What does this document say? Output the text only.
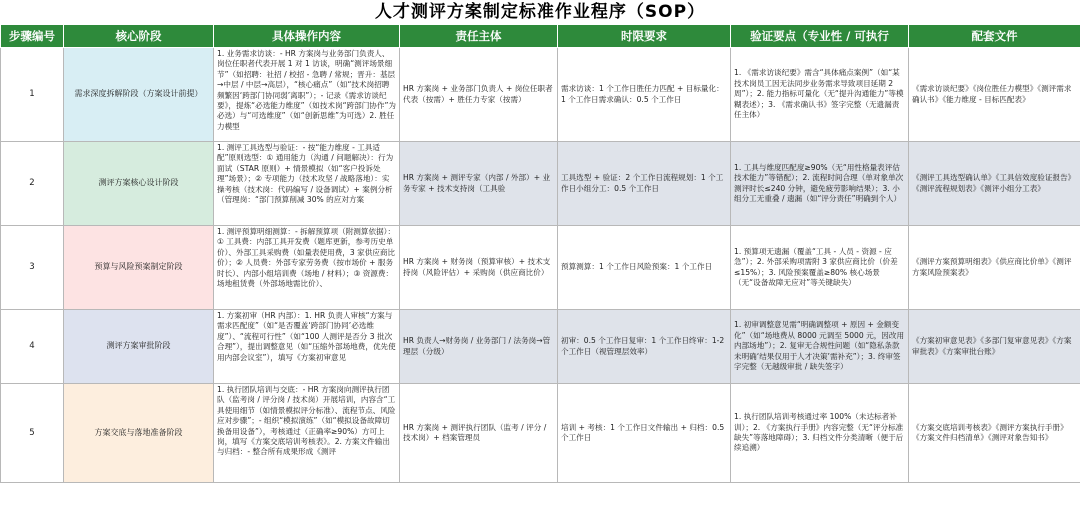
人才测评方案制定标准作业程序（SOP）
步骤编号	核心阶段	具体操作内容	责任主体	时限要求	验证要点（专业性 / 可执行	配套文件
1	需求深度拆解阶段（方案设计前提）	1. 业务需求访谈：- HR 方案岗与业务部门负责人、岗位任职者代表开展 1 对 1 访谈，明确“测评场景细节”（如招聘：社招 / 校招 - 急聘 / 常规；晋升：基层→中层 / 中层→高层），“核心痛点”（如“技术岗招聘频繁因‘跨部门协同弱’离职”）；- 记录《需求访谈纪要》，提炼“必选能力维度”（如技术岗“跨部门协作”为必选）与“可选维度”（如“创新思维”为可选）2. 胜任力模型	HR 方案岗 + 业务部门负责人 + 岗位任职者代表（按需）+ 胜任力专家（按需）	需求访谈：1 个工作日胜任力匹配 + 目标量化：1 个工作日需求确认：0.5 个工作日	1. 《需求访谈纪要》需含“具体痛点案例”（如“某技术岗员工因无法同步业务需求导致项目延期 2 周”）；2. 能力指标可量化（无“提升沟通能力”等模糊表述）；3. 《需求确认书》签字完整（无遗漏责任主体）	《需求访谈纪要》《岗位胜任力模型》《测评需求确认书》《能力维度 - 目标匹配表》
2	测评方案核心设计阶段	1. 测评工具选型与验证：- 按“能力维度 - 工具适配”原则选型：① 通用能力（沟通 / 问题解决）：行为面试（STAR 原则）+ 情景模拟（如“客户投诉处理”场景）；② 专项能力（技术攻坚 / 战略落地）：实操考核（技术岗：代码编写 / 设备调试）+ 案例分析（管理岗：“部门预算削减 30% 的应对方案	HR 方案岗 + 测评专家（内部 / 外部）+ 业务专家 + 技术支持岗（工具验	工具选型 + 验证：2 个工作日流程规划：1 个工作日小组分工：0.5 个工作日	1. 工具与维度匹配度≥90%（无“用性格量表评估技术能力”等错配）；2. 流程时间合理（单对象单次测评时长≤240 分钟，避免疲劳影响结果）；3. 小组分工无重叠 / 遗漏（如“评分责任”明确到个人）	《测评工具选型确认单》《工具信效度验证报告》《测评流程规划表》《测评小组分工表》
3	预算与风险预案制定阶段	1. 测评预算明细测算：- 拆解预算项（附测算依据）：① 工具费：内部工具开发费（题库更新，参考历史单价）、外部工具采购费（如量表使用费，3 家供应商比价）；② 人员费：外部专家劳务费（按市场价 + 服务时长）、内部小组培训费（场地 / 材料）；③ 资源费：场地租赁费（外部场地需比价）、	HR 方案岗 + 财务岗（预算审核）+ 技术支持岗（风险评估）+ 采购岗（供应商比价）	预算测算：1 个工作日风险预案：1 个工作日	1. 预算项无遗漏（覆盖“工具 - 人员 - 资源 - 应急”）；2. 外部采购项需附 3 家供应商比价（价差≤15%）；3. 风险预案覆盖≥80% 核心场景（无“设备故障无应对”等关键缺失）	《测评方案预算明细表》《供应商比价单》《测评方案风险预案表》
4	测评方案审批阶段	1. 方案初审（HR 内部）：1. HR 负责人审核“方案与需求匹配度”（如“是否覆盖‘跨部门协同’必选维度”）、“流程可行性”（如“100 人测评是否分 3 批次合理”），提出调整意见（如“压缩外部场地费，优先使用内部会议室”），填写《方案初审意见	HR 负责人→财务岗 / 业务部门 / 法务岗→管理层（分级）	初审：0.5 个工作日复审：1 个工作日终审：1-2 个工作日（视管理层效率）	1. 初审调整意见需“明确调整项 + 原因 + 金额变化”（如“场地费从 8000 元调至 5000 元，因改用内部场地”）；2. 复审无合规性问题（如“隐私条款未明确‘结果仅用于人才决策’需补充”）；3. 终审签字完整（无越级审批 / 缺失签字）	《方案初审意见表》《多部门复审意见表》《方案审批表》《方案审批台账》
5	方案交底与落地准备阶段	1. 执行团队培训与交底：- HR 方案岗向测评执行团队（监考岗 / 评分岗 / 技术岗）开展培训，内容含“工具使用细节（如情景模拟评分标准）、流程节点、风险应对步骤”；- 组织“模拟演练”（如“模拟设备故障切换备用设备”），考核通过（正确率≥90%）方可上岗，填写《方案交底培训考核表》。2. 方案文件输出与归档：- 整合所有成果形成《测评	HR 方案岗 + 测评执行团队（监考 / 评分 / 技术岗）+ 档案管理员	培训 + 考核：1 个工作日文件输出 + 归档：0.5 个工作日	1. 执行团队培训考核通过率 100%（未达标者补训）；2. 《方案执行手册》内容完整（无“评分标准缺失”等落地障碍）；3. 归档文件分类清晰（便于后续追溯）	《方案交底培训考核表》《测评方案执行手册》《方案文件归档清单》《测评对象告知书》
